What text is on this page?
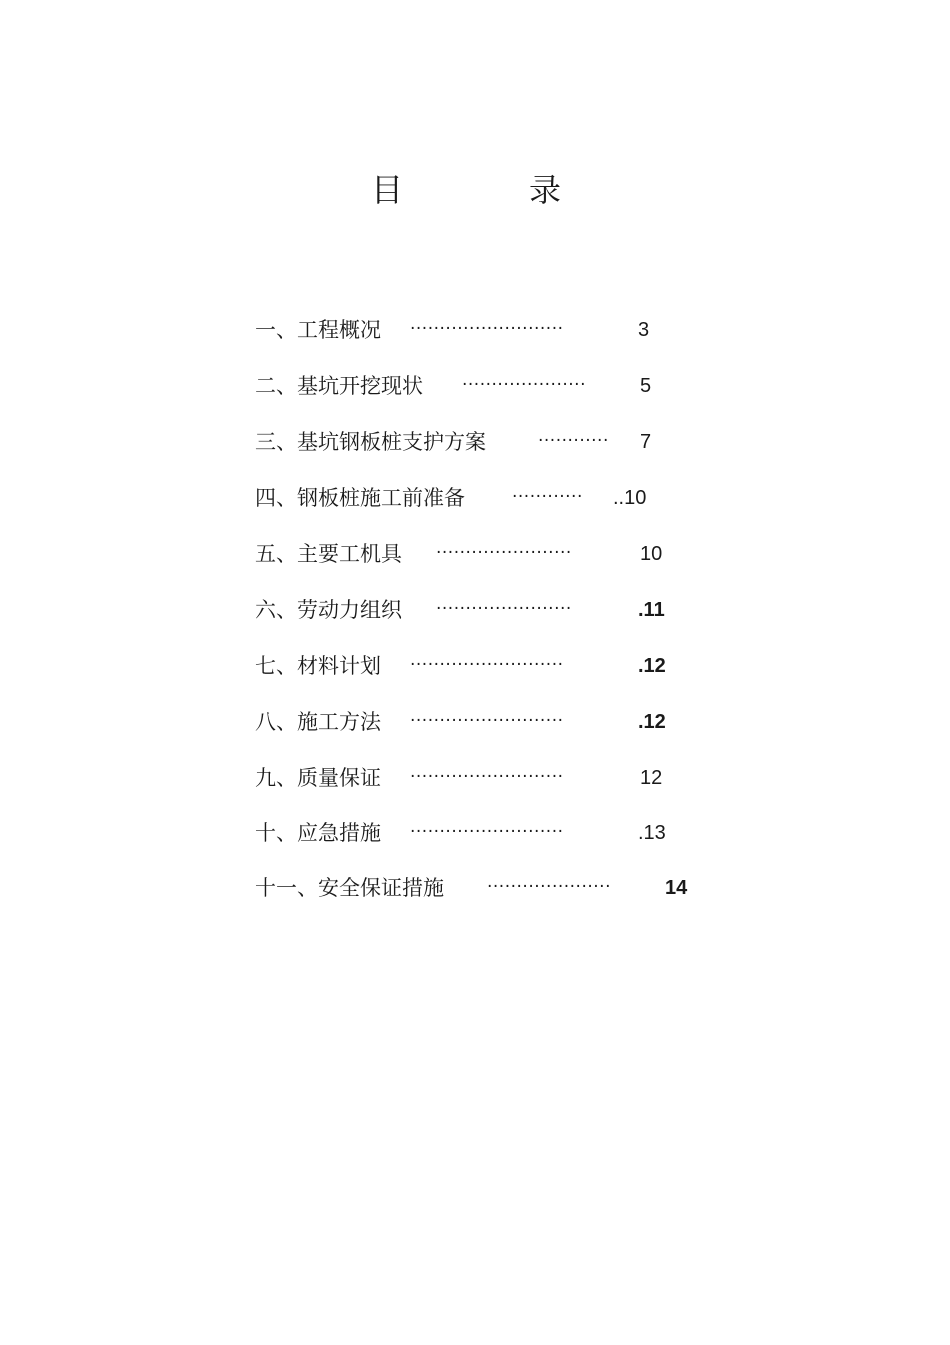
目	录
一、工程概况 ··························	3
二、基坑开挖现状 ·····················	5
三、基坑钢板桩支护方案	············ 7
四、钢板桩施工前准备	············ ..10
五、主要工机具 ·······················	10
六、劳动力组织 ·······················	.11
七、材料计划 ··························	.12
八、施工方法 ··························	.12
九、质量保证 ··························	12
十、应急措施 ··························	.13
十一、安全保证措施	·····················	14
